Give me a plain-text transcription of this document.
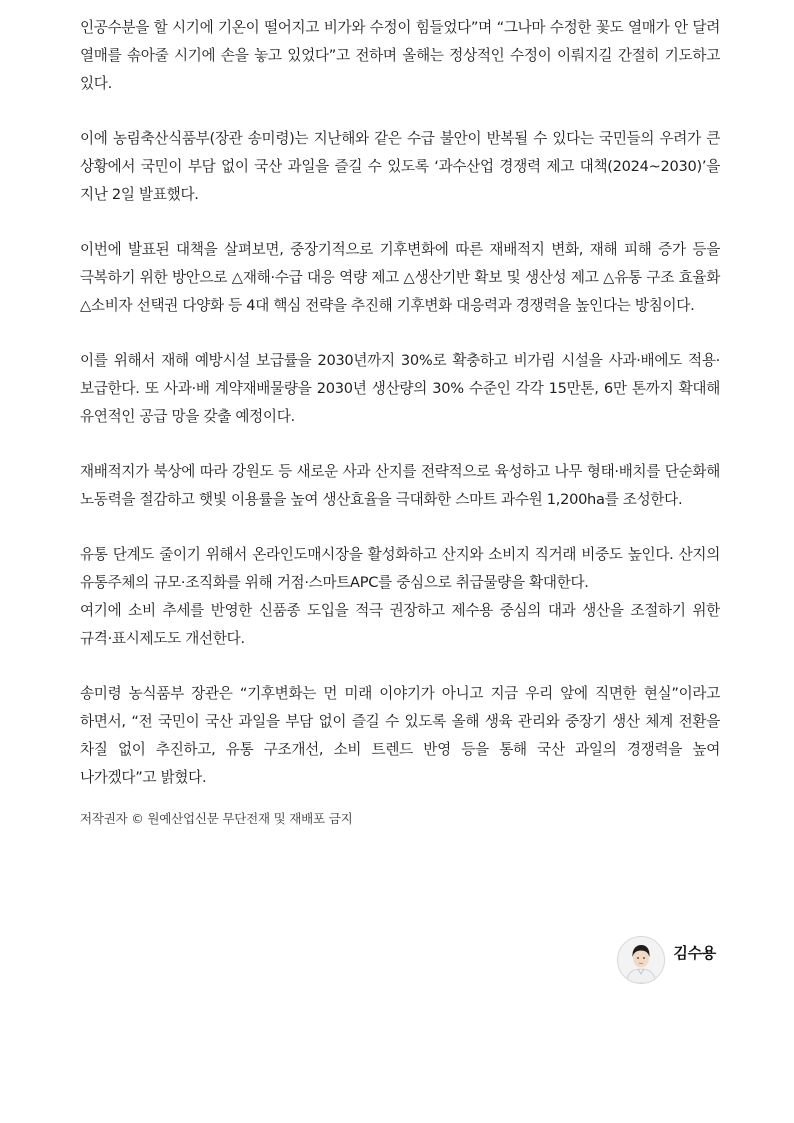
인공수분을 할 시기에 기온이 떨어지고 비가와 수정이 힘들었다”며 “그나마 수정한 꽃도 열매가 안 달려 열매를 솎아줄 시기에 손을 놓고 있었다”고 전하며 올해는 정상적인 수정이 이뤄지길 간절히 기도하고 있다.

이에 농림축산식품부(장관 송미령)는 지난해와 같은 수급 불안이 반복될 수 있다는 국민들의 우려가 큰 상황에서 국민이 부담 없이 국산 과일을 즐길 수 있도록 ‘과수산업 경쟁력 제고 대책(2024~2030)’을 지난 2일 발표했다.

이번에 발표된 대책을 살펴보면, 중장기적으로 기후변화에 따른 재배적지 변화, 재해 피해 증가 등을 극복하기 위한 방안으로 △재해·수급 대응 역량 제고 △생산기반 확보 및 생산성 제고 △유통 구조 효율화 △소비자 선택권 다양화 등 4대 핵심 전략을 추진해 기후변화 대응력과 경쟁력을 높인다는 방침이다.

이를 위해서 재해 예방시설 보급률을 2030년까지 30%로 확충하고 비가림 시설을 사과·배에도 적용·보급한다. 또 사과·배 계약재배물량을 2030년 생산량의 30% 수준인 각각 15만톤, 6만 톤까지 확대해 유연적인 공급 망을 갖출 예정이다.

재배적지가 북상에 따라 강원도 등 새로운 사과 산지를 전략적으로 육성하고 나무 형태·배치를 단순화해 노동력을 절감하고 햇빛 이용률을 높여 생산효율을 극대화한 스마트 과수원 1,200ha를 조성한다.

유통 단계도 줄이기 위해서 온라인도매시장을 활성화하고 산지와 소비지 직거래 비중도 높인다. 산지의 유통주체의 규모·조직화를 위해 거점·스마트APC를 중심으로 취급물량을 확대한다.

여기에 소비 추세를 반영한 신품종 도입을 적극 권장하고 제수용 중심의 대과 생산을 조절하기 위한 규격·표시제도도 개선한다.

송미령 농식품부 장관은 “기후변화는 먼 미래 이야기가 아니고 지금 우리 앞에 직면한 현실”이라고 하면서, “전 국민이 국산 과일을 부담 없이 즐길 수 있도록 올해 생육 관리와 중장기 생산 체계 전환을 차질 없이 추진하고, 유통 구조개선, 소비 트렌드 반영 등을 통해 국산 과일의 경쟁력을 높여 나가겠다”고 밝혔다.

저작권자 © 원예산업신문 무단전재 및 재배포 금지
김수용
